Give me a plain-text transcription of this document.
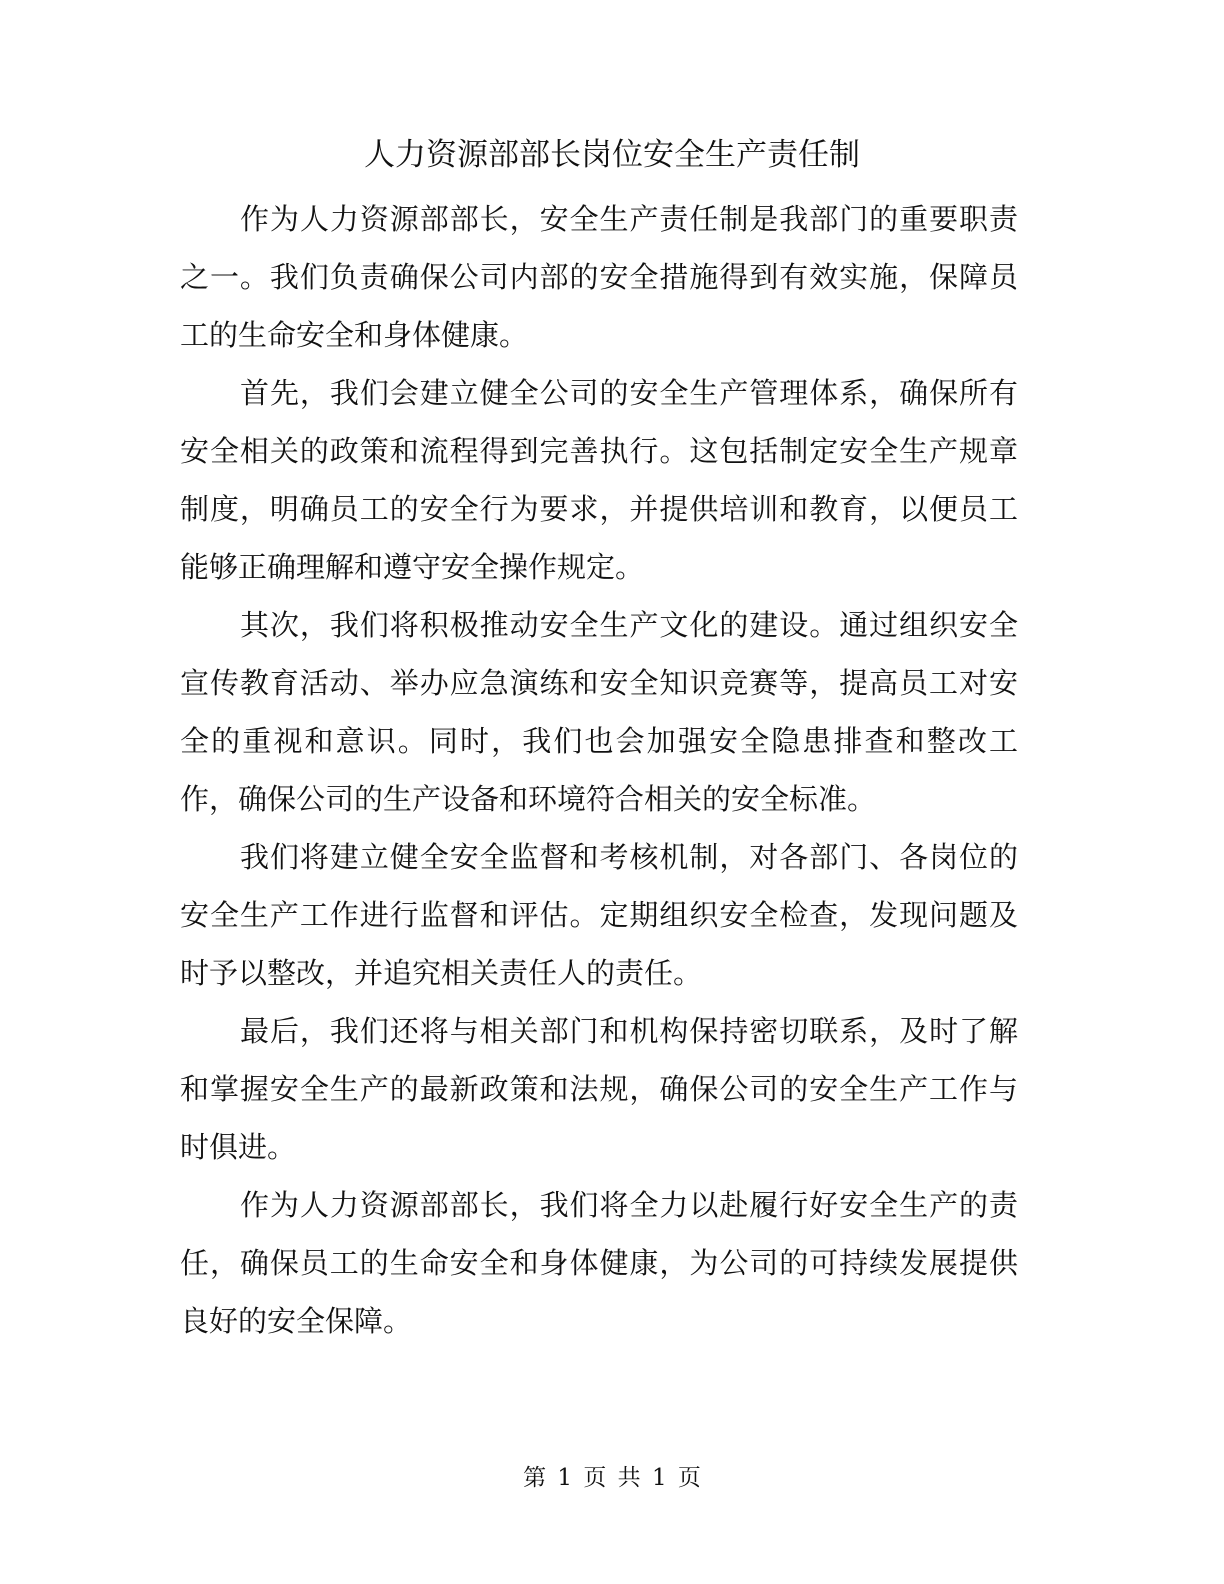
人力资源部部长岗位安全生产责任制

作为人力资源部部长，安全生产责任制是我部门的重要职责之一。我们负责确保公司内部的安全措施得到有效实施，保障员工的生命安全和身体健康。

首先，我们会建立健全公司的安全生产管理体系，确保所有安全相关的政策和流程得到完善执行。这包括制定安全生产规章制度，明确员工的安全行为要求，并提供培训和教育，以便员工能够正确理解和遵守安全操作规定。

其次，我们将积极推动安全生产文化的建设。通过组织安全宣传教育活动、举办应急演练和安全知识竞赛等，提高员工对安全的重视和意识。同时，我们也会加强安全隐患排查和整改工作，确保公司的生产设备和环境符合相关的安全标准。

我们将建立健全安全监督和考核机制，对各部门、各岗位的安全生产工作进行监督和评估。定期组织安全检查，发现问题及时予以整改，并追究相关责任人的责任。

最后，我们还将与相关部门和机构保持密切联系，及时了解和掌握安全生产的最新政策和法规，确保公司的安全生产工作与时俱进。

作为人力资源部部长，我们将全力以赴履行好安全生产的责任，确保员工的生命安全和身体健康，为公司的可持续发展提供良好的安全保障。

第 1 页 共 1 页
